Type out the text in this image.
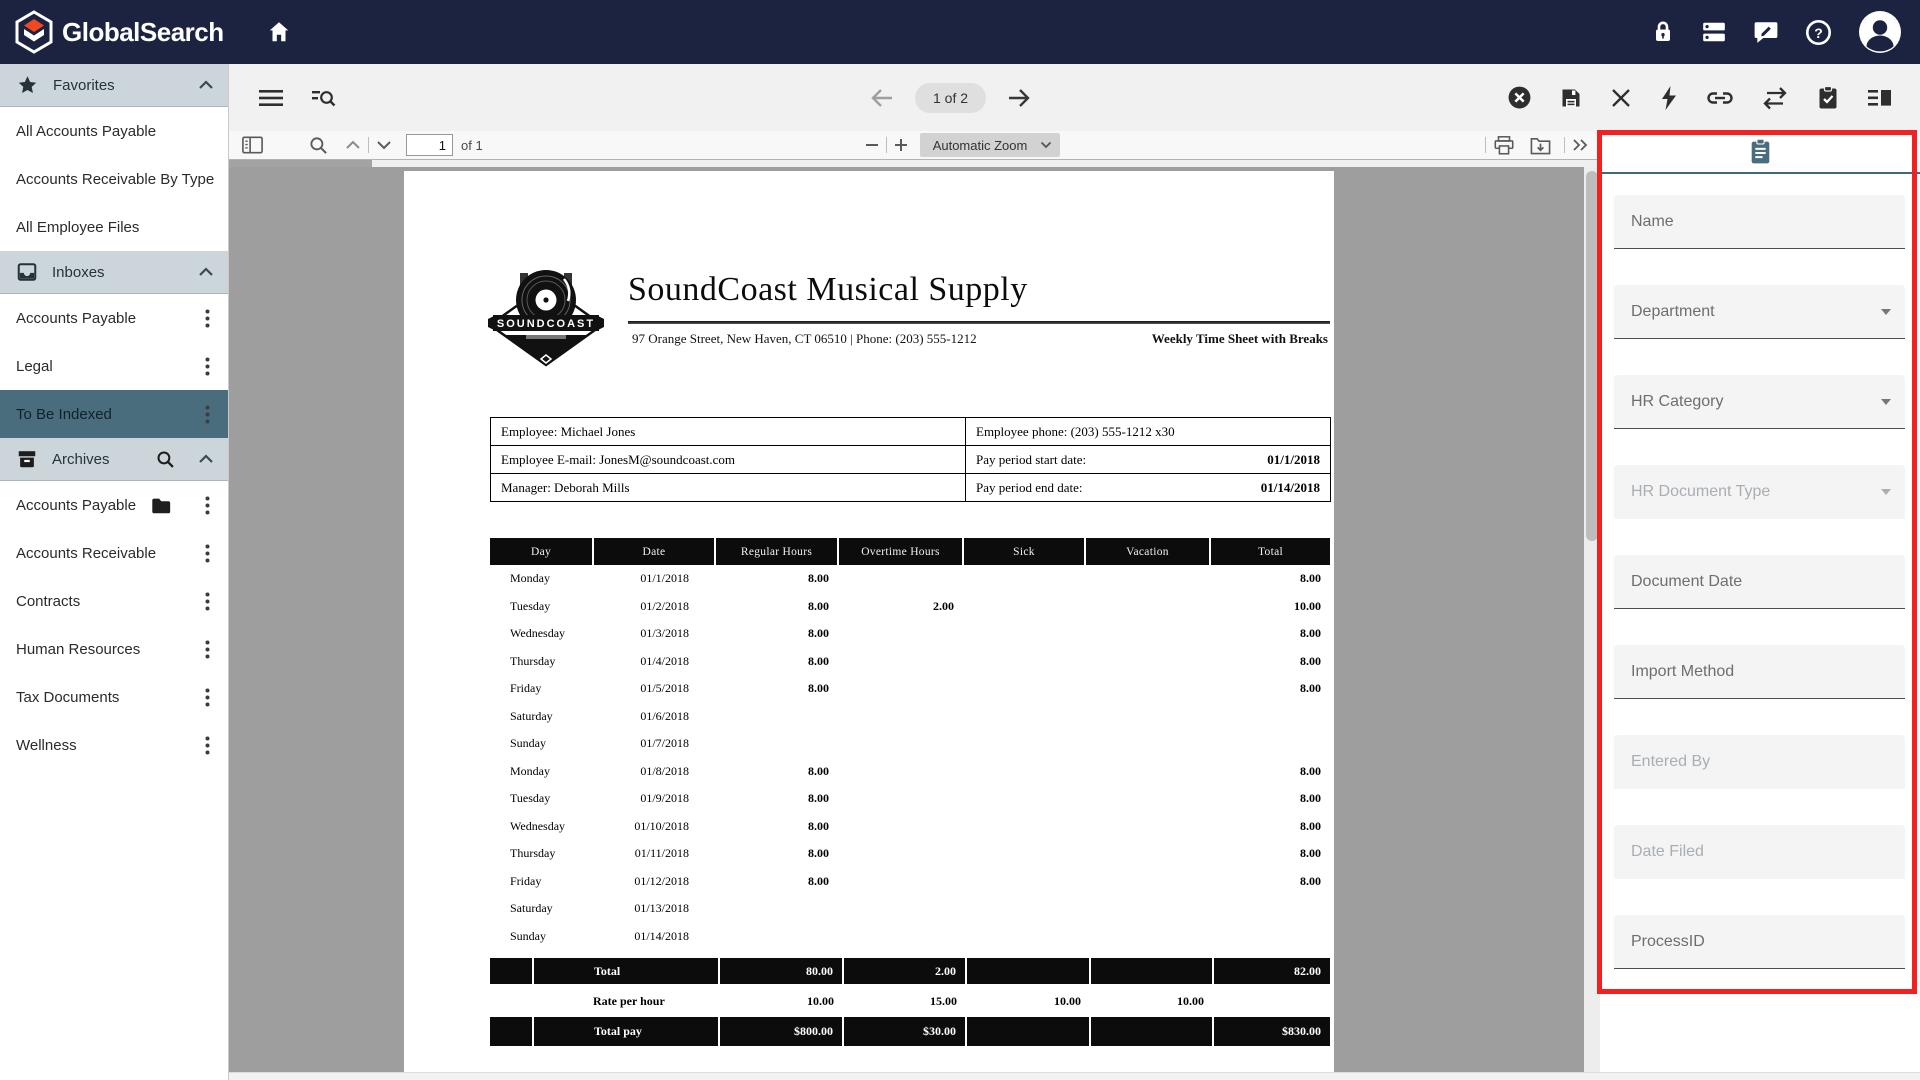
GlobalSearch	?
Favorites
All Accounts Payable
Accounts Receivable By Type
All Employee Files
Inboxes
Accounts Payable
Legal
To Be Indexed
Archives
Accounts Payable
Accounts Receivable
Contracts
Human Resources
Tax Documents
Wellness
1 of 2
1
of 1	Automatic Zoom
SOUNDCOAST
SoundCoast Musical Supply
97 Orange Street, New Haven, CT 06510 | Phone: (203) 555-1212	Weekly Time Sheet with Breaks
Employee: Michael Jones	Employee phone: (203) 555-1212 x30

Employee E-mail: JonesM@soundcoast.com	Pay period start date: 01/1/2018

Manager: Deborah Mills	Pay period end date: 01/14/2018
Day	Date	Regular Hours	Overtime Hours	Sick	Vacation	Total
Monday	01/1/2018	8.00				8.00
Tuesday	01/2/2018	8.00	2.00			10.00
Wednesday	01/3/2018	8.00				8.00
Thursday	01/4/2018	8.00				8.00
Friday	01/5/2018	8.00				8.00
Saturday	01/6/2018					
Sunday	01/7/2018					
Monday	01/8/2018	8.00				8.00
Tuesday	01/9/2018	8.00				8.00
Wednesday	01/10/2018	8.00				8.00
Thursday	01/11/2018	8.00				8.00
Friday	01/12/2018	8.00				8.00
Saturday	01/13/2018					
Sunday	01/14/2018					
	Total	80.00	2.00			82.00
	Rate per hour	10.00	15.00	10.00	10.00	
	Total pay	$800.00	$30.00			$830.00
Name
Department
HR Category
HR Document Type
Document Date
Import Method
Entered By
Date Filed
ProcessID
